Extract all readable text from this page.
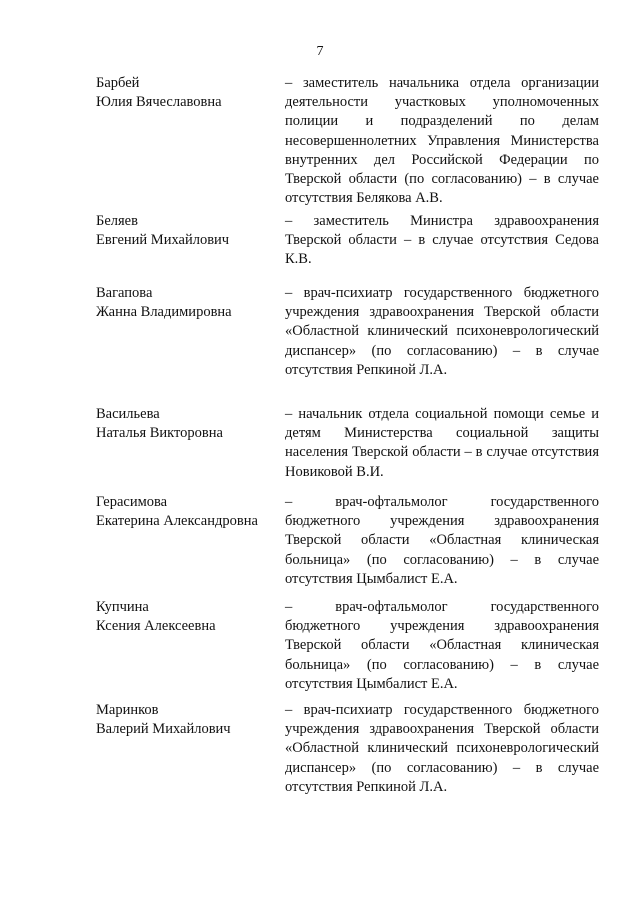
7
Барбей
Юлия Вячеславовна
– заместитель начальника отдела организации деятельности участковых уполномоченных полиции и подразделений по делам несовершеннолетних Управления Министерства внутренних дел Российской Федерации по Тверской области (по согласованию) – в случае отсутствия Белякова А.В.
Беляев
Евгений Михайлович
– заместитель Министра здравоохранения Тверской области – в случае отсутствия Седова К.В.
Вагапова
Жанна Владимировна
– врач-психиатр государственного бюджетного учреждения здравоохранения Тверской области «Областной клинический психоневрологический диспансер» (по согласованию) – в случае отсутствия Репкиной Л.А.
Васильева
Наталья Викторовна
– начальник отдела социальной помощи семье и детям Министерства социальной защиты населения Тверской области – в случае отсутствия Новиковой В.И.
Герасимова
Екатерина Александровна
– врач-офтальмолог государственного бюджетного учреждения здравоохранения Тверской области «Областная клиническая больница» (по согласованию) – в случае отсутствия Цымбалист Е.А.
Купчина
Ксения Алексеевна
– врач-офтальмолог государственного бюджетного учреждения здравоохранения Тверской области «Областная клиническая больница» (по согласованию) – в случае отсутствия Цымбалист Е.А.
Маринков
Валерий Михайлович
– врач-психиатр государственного бюджетного учреждения здравоохранения Тверской области «Областной клинический психоневрологический диспансер» (по согласованию) – в случае отсутствия Репкиной Л.А.
